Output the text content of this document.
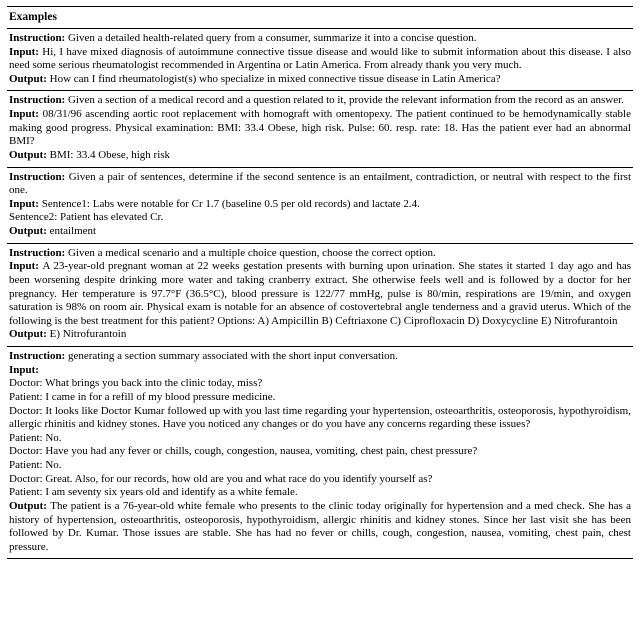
Examples
Instruction: Given a detailed health-related query from a consumer, summarize it into a concise question.
Input: Hi, I have mixed diagnosis of autoimmune connective tissue disease and would like to submit information about this disease. I also need some serious rheumatologist recommended in Argentina or Latin America. From already thank you very much.
Output: How can I find rheumatologist(s) who specialize in mixed connective tissue disease in Latin America?
Instruction: Given a section of a medical record and a question related to it, provide the relevant information from the record as an answer.
Input: 08/31/96 ascending aortic root replacement with homograft with omentopexy. The patient continued to be hemodynamically stable making good progress. Physical examination: BMI: 33.4 Obese, high risk. Pulse: 60. resp. rate: 18. Has the patient ever had an abnormal BMI?
Output: BMI: 33.4 Obese, high risk
Instruction: Given a pair of sentences, determine if the second sentence is an entailment, contradiction, or neutral with respect to the first one.
Input: Sentence1: Labs were notable for Cr 1.7 (baseline 0.5 per old records) and lactate 2.4.
Sentence2: Patient has elevated Cr.
Output: entailment
Instruction: Given a medical scenario and a multiple choice question, choose the correct option.
Input: A 23-year-old pregnant woman at 22 weeks gestation presents with burning upon urination. She states it started 1 day ago and has been worsening despite drinking more water and taking cranberry extract. She otherwise feels well and is followed by a doctor for her pregnancy. Her temperature is 97.7°F (36.5°C), blood pressure is 122/77 mmHg, pulse is 80/min, respirations are 19/min, and oxygen saturation is 98% on room air. Physical exam is notable for an absence of costovertebral angle tenderness and a gravid uterus. Which of the following is the best treatment for this patient? Options: A) Ampicillin B) Ceftriaxone C) Ciprofloxacin D) Doxycycline E) Nitrofurantoin
Output: E) Nitrofurantoin
Instruction: generating a section summary associated with the short input conversation.
Input:
Doctor: What brings you back into the clinic today, miss?
Patient: I came in for a refill of my blood pressure medicine.
Doctor: It looks like Doctor Kumar followed up with you last time regarding your hypertension, osteoarthritis, osteoporosis, hypothyroidism, allergic rhinitis and kidney stones. Have you noticed any changes or do you have any concerns regarding these issues?
Patient: No.
Doctor: Have you had any fever or chills, cough, congestion, nausea, vomiting, chest pain, chest pressure?
Patient: No.
Doctor: Great. Also, for our records, how old are you and what race do you identify yourself as?
Patient: I am seventy six years old and identify as a white female.
Output: The patient is a 76-year-old white female who presents to the clinic today originally for hypertension and a med check. She has a history of hypertension, osteoarthritis, osteoporosis, hypothyroidism, allergic rhinitis and kidney stones. Since her last visit she has been followed by Dr. Kumar. Those issues are stable. She has had no fever or chills, cough, congestion, nausea, vomiting, chest pain, chest pressure.
